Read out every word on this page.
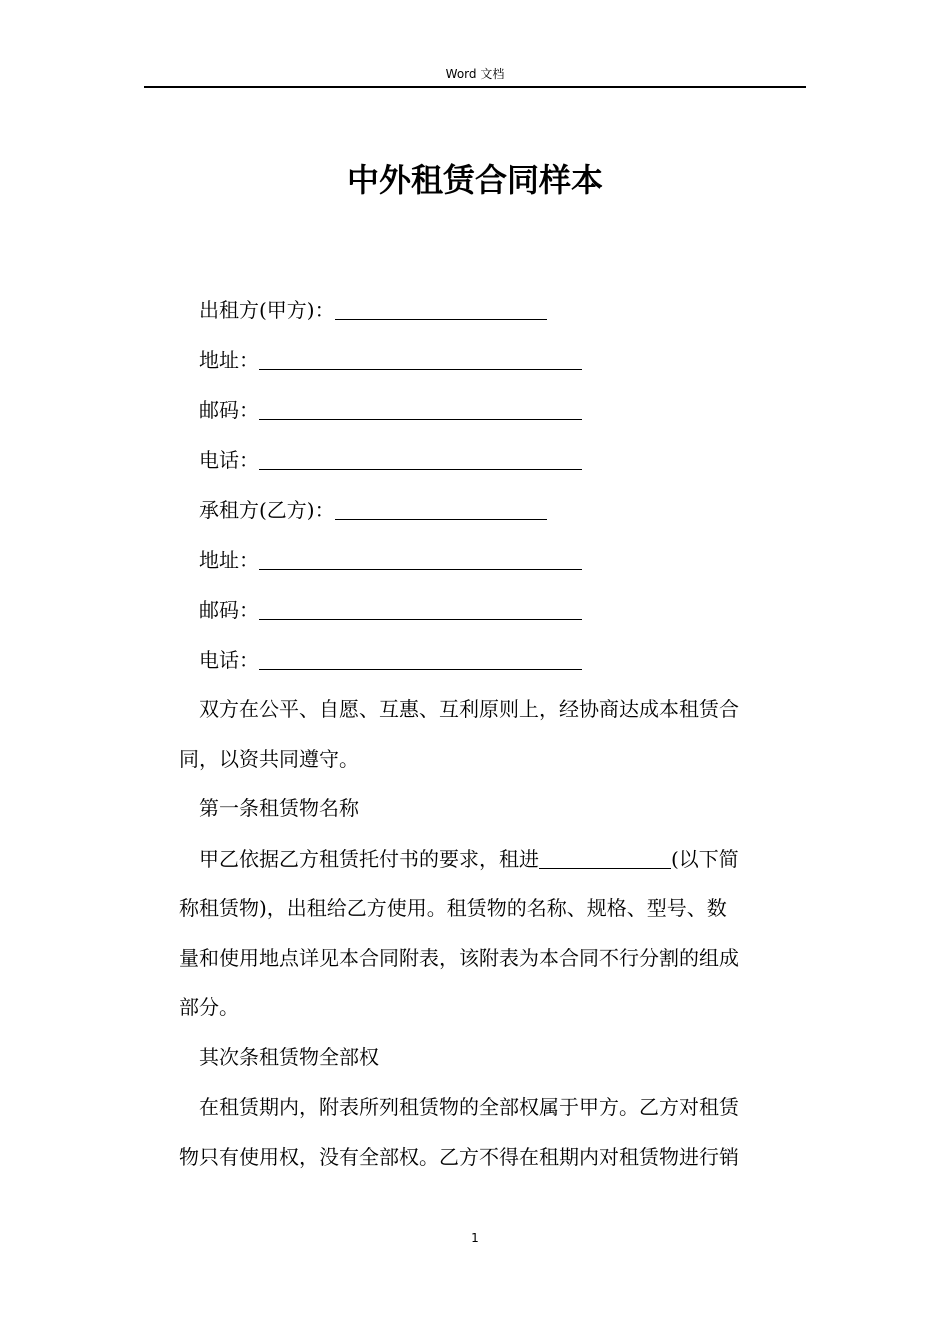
Word 文档
中外租赁合同样本
出租方(甲方)：
地址：
邮码：
电话：
承租方(乙方)：
地址：
邮码：
电话：
双方在公平、自愿、互惠、互利原则上，经协商达成本租赁合
同，以资共同遵守。
第一条租赁物名称
甲乙依据乙方租赁托付书的要求，租进	(以下简
称租赁物)，出租给乙方使用。租赁物的名称、规格、型号、数
量和使用地点详见本合同附表，该附表为本合同不行分割的组成
部分。
其次条租赁物全部权
在租赁期内，附表所列租赁物的全部权属于甲方。乙方对租赁
物只有使用权，没有全部权。乙方不得在租期内对租赁物进行销
1
